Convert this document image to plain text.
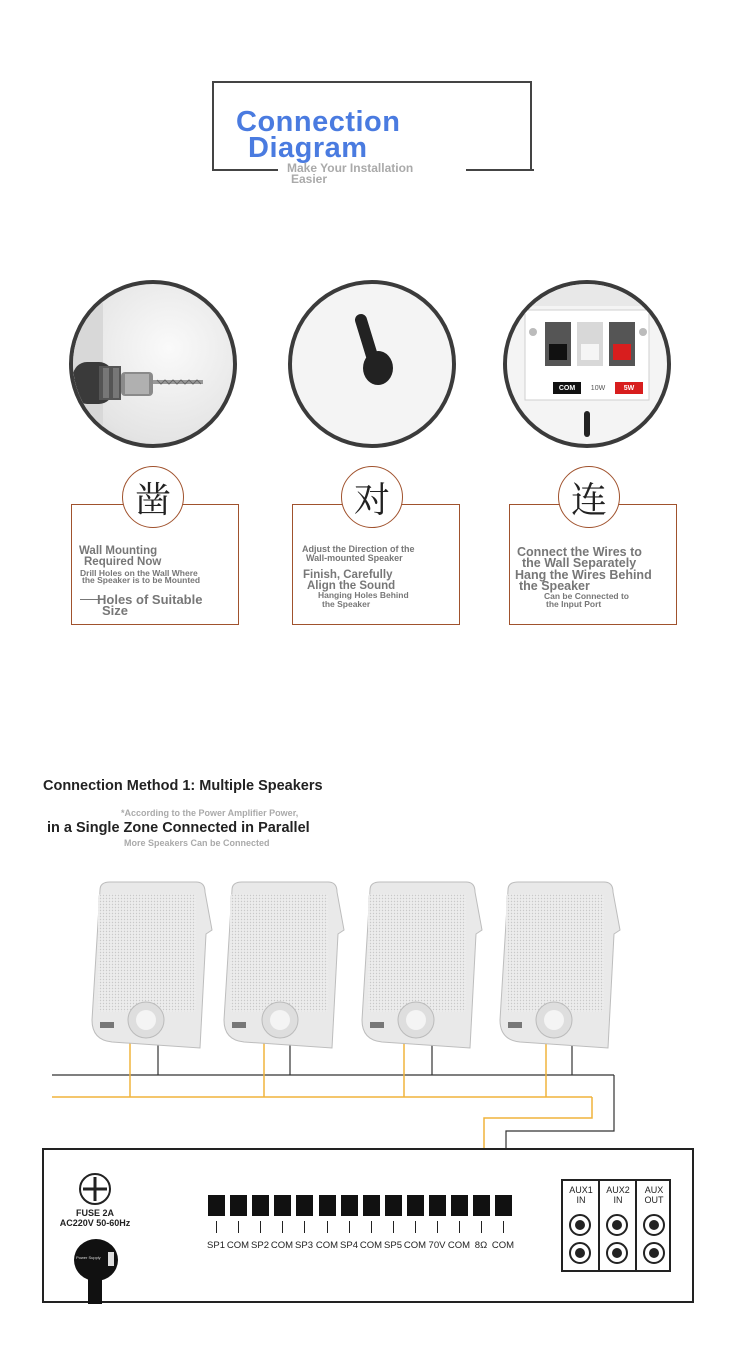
Connection
Diagram
Make Your Installation
Easier
COM	10W	5W
凿
Wall Mounting
Required Now
Drill Holes on the Wall Where
the Speaker is to be Mounted
Holes of Suitable
Size
对
Adjust the Direction of the
Wall-mounted Speaker
Finish, Carefully
Align the Sound
Hanging Holes Behind
the Speaker
连
Connect the Wires to
the Wall Separately
Hang the Wires Behind
the Speaker
Can be Connected to
the Input Port

Connection Method 1: Multiple Speakers

in a Single Zone Connected in Parallel

*According to the Power Amplifier Power,

More Speakers Can be Connected

FUSE 2A
AC220V 50-60Hz
Power Supply
SP1 COM SP2 COM SP3 COM SP4 COM SP5 COM 70V COM 8Ω COM
AUX1
IN
AUX2
IN
AUX
OUT
